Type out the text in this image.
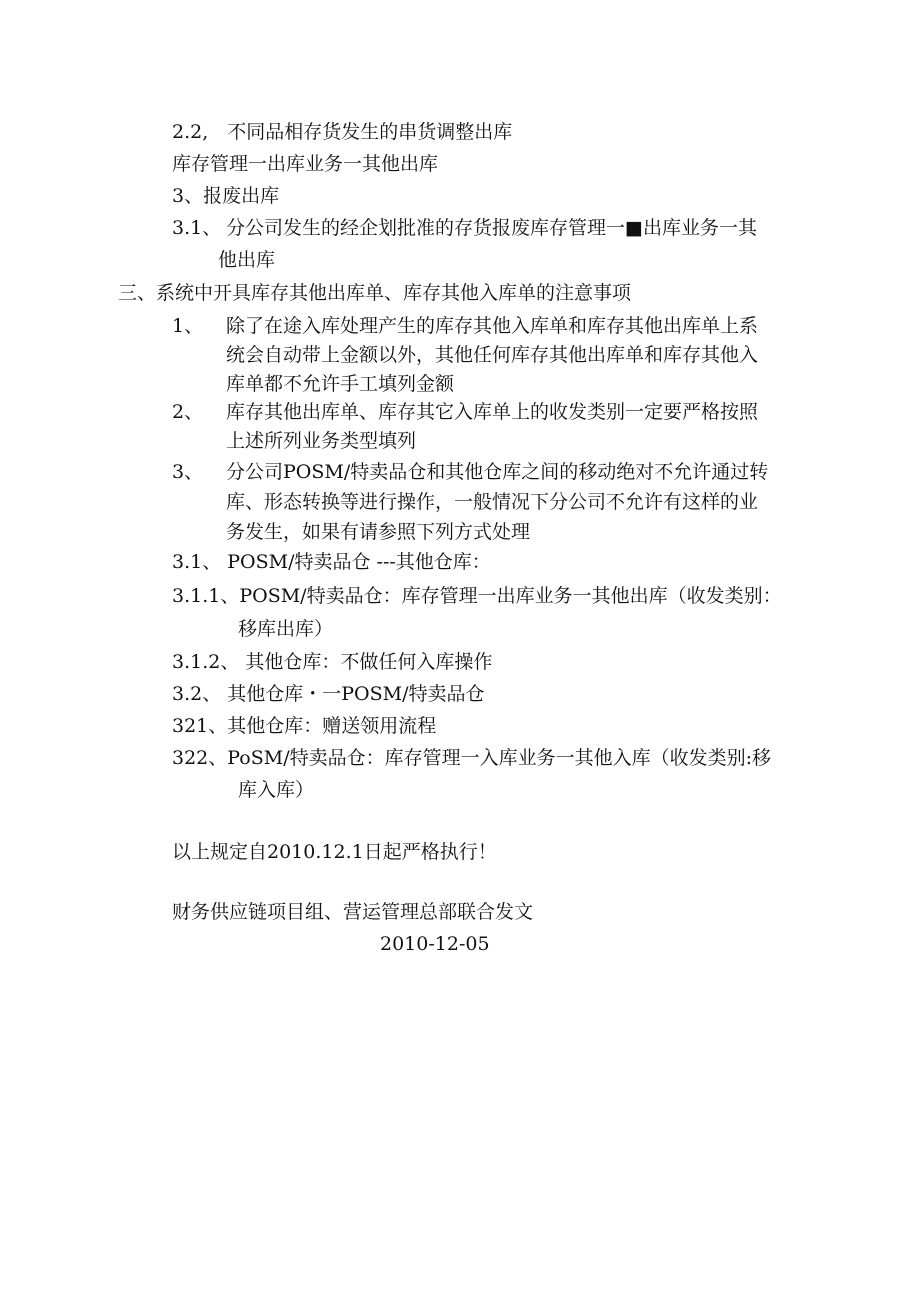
2.2,　不同品相存货发生的串货调整出库
库存管理一出库业务一其他出库
3、报废出库
3.1、 分公司发生的经企划批准的存货报废库存管理一■出库业务一其
他出库
三、系统中开具库存其他出库单、库存其他入库单的注意事项
1、 除了在途入库处理产生的库存其他入库单和库存其他出库单上系
统会自动带上金额以外，其他任何库存其他出库单和库存其他入
库单都不允许手工填列金额
2、 库存其他出库单、库存其它入库单上的收发类别一定要严格按照
上述所列业务类型填列
3、 分公司POSM/特卖品仓和其他仓库之间的移动绝对不允许通过转
库、形态转换等进行操作，一般情况下分公司不允许有这样的业
务发生，如果有请参照下列方式处理
3.1、 POSM/特卖品仓 ---其他仓库：
3.1.1、POSM/特卖品仓：库存管理一出库业务一其他出库（收发类别：
移库出库）
3.1.2、 其他仓库：不做任何入库操作
3.2、 其他仓库・一POSM/特卖品仓
321、其他仓库：赠送领用流程
322、PoSM/特卖品仓：库存管理一入库业务一其他入库（收发类别:移
库入库）
以上规定自2010.12.1日起严格执行！
财务供应链项目组、营运管理总部联合发文
2010-12-05
